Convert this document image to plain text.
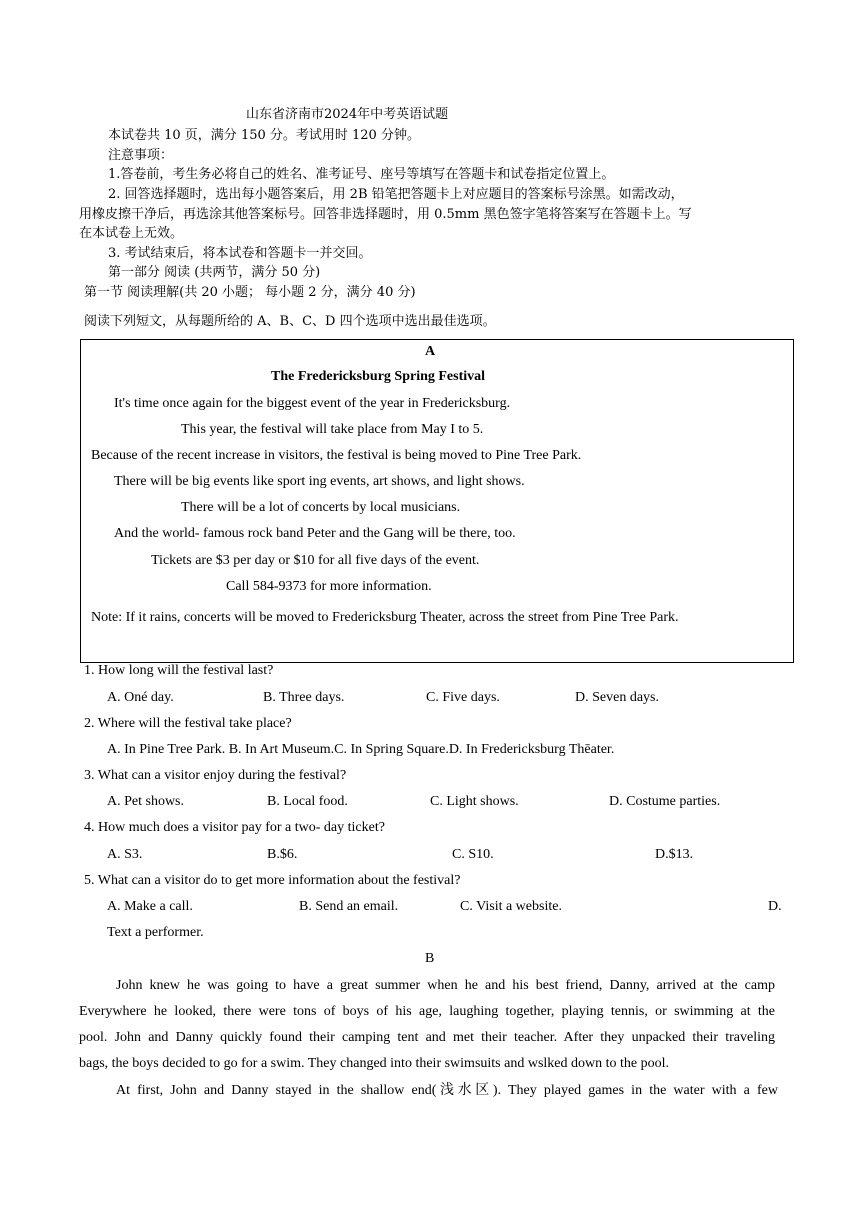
山东省济南市2024年中考英语试题
本试卷共 10 页，满分 150 分。考试用时 120 分钟。
注意事项：
1.答卷前，考生务必将自己的姓名、准考证号、座号等填写在答题卡和试卷指定位置上。
2. 回答选择题时，选出每小题答案后，用 2B 铅笔把答题卡上对应题目的答案标号涂黑。如需改动，
用橡皮擦干净后，再选涂其他答案标号。回答非选择题时，用 0.5mm 黑色签字笔将答案写在答题卡上。写
在本试卷上无效。
3. 考试结束后，将本试卷和答题卡一并交回。
第一部分 阅读 (共两节，满分 50 分)
第一节 阅读理解(共 20 小题； 每小题 2 分，满分 40 分)
阅读下列短文，从每题所给的 A、B、C、D 四个选项中选出最佳选项。
A
The Fredericksburg Spring Festival
It's time once again for the biggest event of the year in Fredericksburg.
This year, the festival will take place from May I to 5.
Because of the recent increase in visitors, the festival is being moved to Pine Tree Park.
There will be big events like sport ing events, art shows, and light shows.
There will be a lot of concerts by local musicians.
And the world- famous rock band Peter and the Gang will be there, too.
Tickets are $3 per day or $10 for all five days of the event.
Call 584-9373 for more information.
Note: If it rains, concerts will be moved to Fredericksburg Theater, across the street from Pine Tree Park.
1. How long will the festival last?
A. Oné day.	B. Three days.	C. Five days.	D. Seven days.
2. Where will the festival take place?
A. In Pine Tree Park. B. In Art Museum.C. In Spring Square.D. In Fredericksburg Thēater.
3. What can a visitor enjoy during the festival?
A. Pet shows.	B. Local food.	C. Light shows.	D. Costume parties.
4. How much does a visitor pay for a two- day ticket?
A. S3.	B.$6.	C. S10.	D.$13.
5. What can a visitor do to get more information about the festival?
A. Make a call.	B. Send an email.	C. Visit a website.	D.
Text a performer.
B
John knew he was going to have a great summer when he and his best friend, Danny, arrived at the camp
Everywhere he looked, there were tons of boys of his age, laughing together, playing tennis, or swimming at the
pool. John and Danny quickly found their camping tent and met their teacher. After they unpacked their traveling
bags, the boys decided to go for a swim. They changed into their swimsuits and wslked down to the pool.
At first, John and Danny stayed in the shallow end(浅水区). They played games in the water with a few
